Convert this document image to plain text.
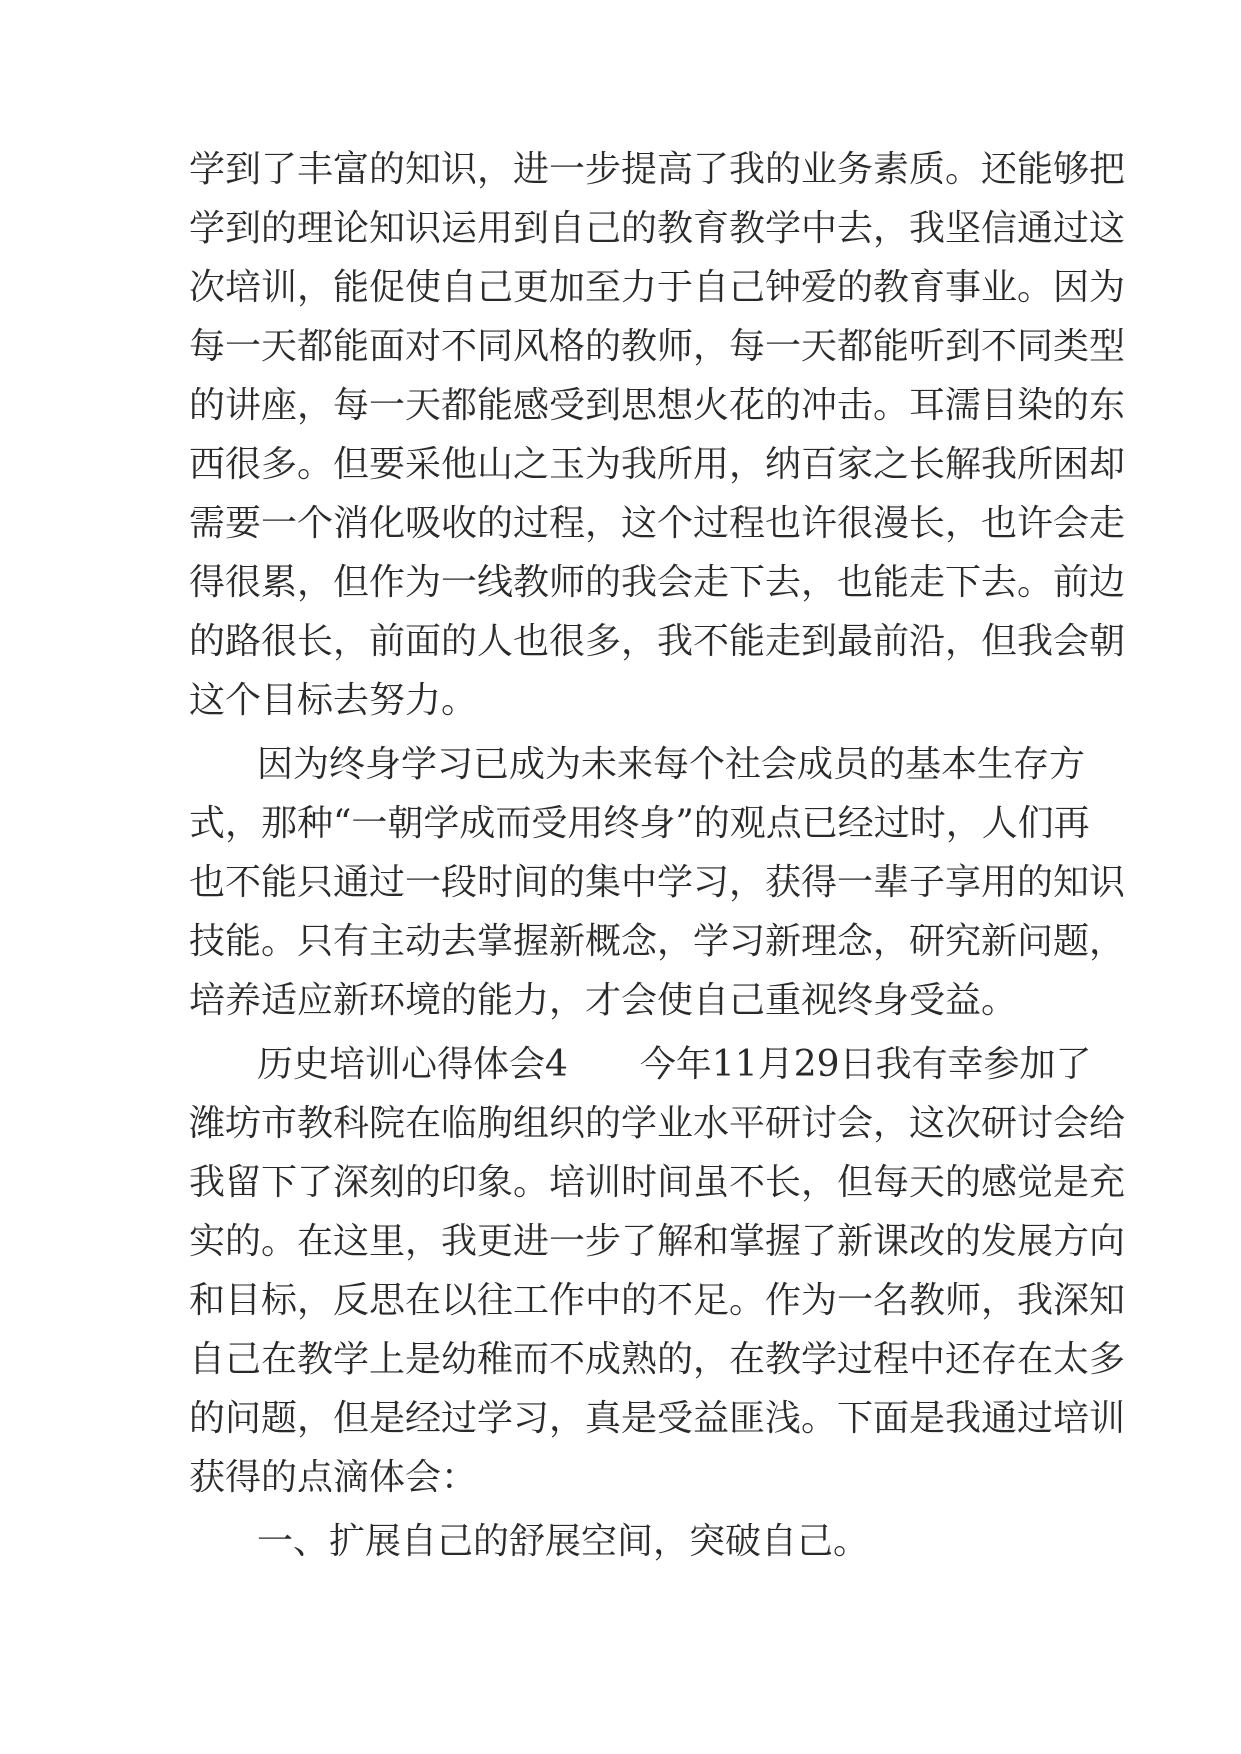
学到了丰富的知识，进一步提高了我的业务素质。还能够把
学到的理论知识运用到自己的教育教学中去，我坚信通过这
次培训，能促使自己更加至力于自己钟爱的教育事业。因为
每一天都能面对不同风格的教师，每一天都能听到不同类型
的讲座，每一天都能感受到思想火花的冲击。耳濡目染的东
西很多。但要采他山之玉为我所用，纳百家之长解我所困却
需要一个消化吸收的过程，这个过程也许很漫长，也许会走
得很累，但作为一线教师的我会走下去，也能走下去。前边
的路很长，前面的人也很多，我不能走到最前沿，但我会朝
这个目标去努力。
因为终身学习已成为未来每个社会成员的基本生存方
式，那种“一朝学成而受用终身”的观点已经过时，人们再
也不能只通过一段时间的集中学习，获得一辈子享用的知识
技能。只有主动去掌握新概念，学习新理念，研究新问题，
培养适应新环境的能力，才会使自己重视终身受益。
历史培训心得体会4　　今年11月29日我有幸参加了
潍坊市教科院在临朐组织的学业水平研讨会，这次研讨会给
我留下了深刻的印象。培训时间虽不长，但每天的感觉是充
实的。在这里，我更进一步了解和掌握了新课改的发展方向
和目标，反思在以往工作中的不足。作为一名教师，我深知
自己在教学上是幼稚而不成熟的，在教学过程中还存在太多
的问题，但是经过学习，真是受益匪浅。下面是我通过培训
获得的点滴体会：
一、扩展自己的舒展空间，突破自己。
